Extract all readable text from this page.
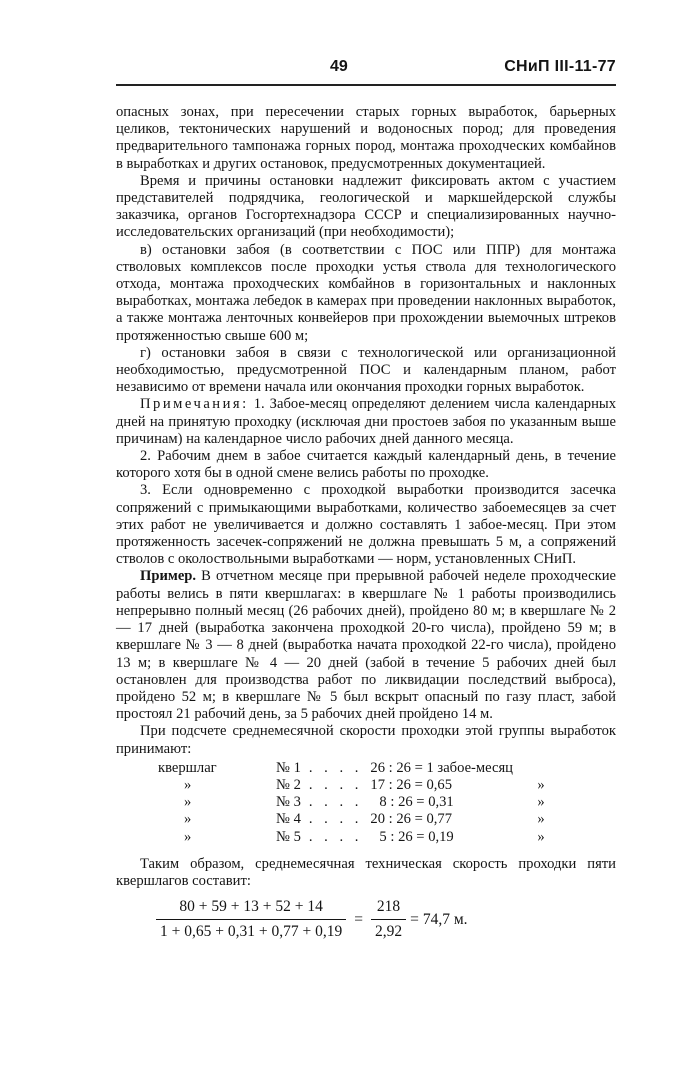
49	СНиП III-11-77

опасных зонах, при пересечении старых горных выработок, барьерных целиков, тектонических нарушений и водоносных пород; для проведения предварительного тампонажа горных пород, монтажа проходческих комбайнов в выработках и других остановок, предусмотренных документацией.

Время и причины остановки надлежит фиксировать актом с участием представителей подрядчика, геологической и маркшейдерской службы заказчика, органов Госгортехнадзора СССР и специализированных научно-исследовательских организаций (при необходимости);

в) остановки забоя (в соответствии с ПОС или ППР) для монтажа стволовых комплексов после проходки устья ствола для технологического отхода, монтажа проходческих комбайнов в горизонтальных и наклонных выработках, монтажа лебедок в камерах при проведении наклонных выработок, а также монтажа ленточных конвейеров при прохождении выемочных штреков протяженностью свыше 600 м;

г) остановки забоя в связи с технологической или организационной необходимостью, предусмотренной ПОС и календарным планом, работ независимо от времени начала или окончания проходки горных выработок.

Примечания: 1. Забое-месяц определяют делением числа календарных дней на принятую проходку (исключая дни простоев забоя по указанным выше причинам) на календарное число рабочих дней данного месяца.

2. Рабочим днем в забое считается каждый календарный день, в течение которого хотя бы в одной смене велись работы по проходке.

3. Если одновременно с проходкой выработки производится засечка сопряжений с примыкающими выработками, количество забоемесяцев за счет этих работ не увеличивается и должно составлять 1 забое-месяц. При этом протяженность засечек-сопряжений не должна превышать 5 м, а сопряжений стволов с околоствольными выработками — норм, установленных СНиП.

Пример. В отчетном месяце при прерывной рабочей неделе проходческие работы велись в пяти квершлагах: в квершлаге № 1 работы производились непрерывно полный месяц (26 рабочих дней), пройдено 80 м; в квершлаге № 2 — 17 дней (выработка закончена проходкой 20-го числа), пройдено 59 м; в квершлаге № 3 — 8 дней (выработка начата проходкой 22-го числа), пройдено 13 м; в квершлаге № 4 — 20 дней (забой в течение 5 рабочих дней был остановлен для производства работ по ликвидации последствий выброса), пройдено 52 м; в квершлаге № 5 был вскрыт опасный по газу пласт, забой простоял 21 рабочий день, за 5 рабочих дней пройдено 14 м.

При подсчете среднемесячной скорости проходки этой группы выработок принимают:

квершлаг	№ 1	. . . .	26 : 26 = 1 забое-месяц	
»	№ 2	. . . .	17 : 26 = 0,65	»
»	№ 3	. . . .	8 : 26 = 0,31	»
»	№ 4	. . . .	20 : 26 = 0,77	»
»	№ 5	. . . .	5 : 26 = 0,19	»

Таким образом, среднемесячная техническая скорость проходки пяти квершлагов составит:

$\frac{80 + 59 + 13 + 52 + 14}{1 + 0,65 + 0,31 + 0,77 + 0,19} = \frac{218}{2,92} = 74,7$ м.
